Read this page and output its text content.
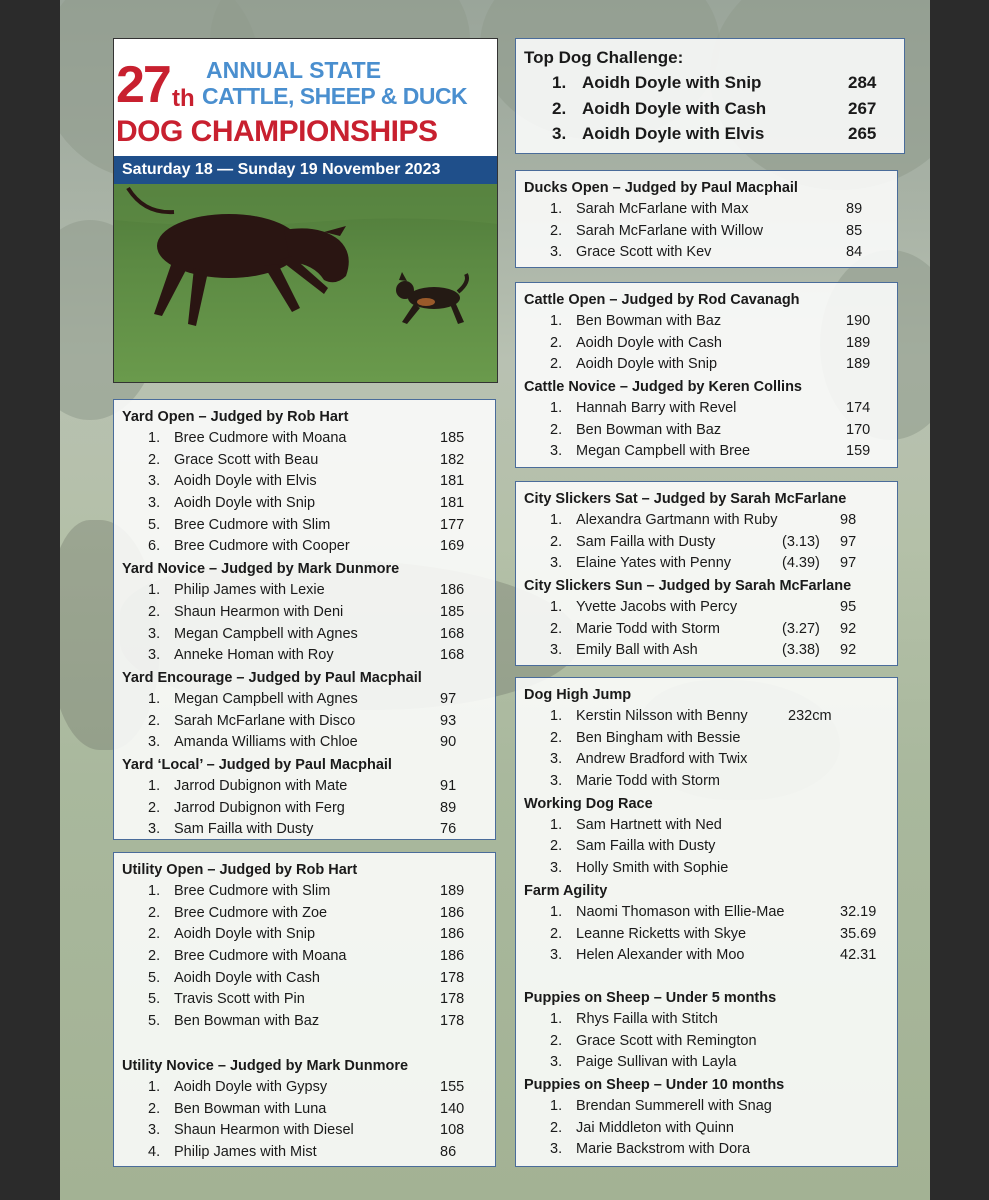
27 th
ANNUAL STATE
CATTLE, SHEEP & DUCK
DOG CHAMPIONSHIPS
Saturday 18 — Sunday 19 November 2023
Top Dog Challenge:
1. Aoidh Doyle with Snip	284
2. Aoidh Doyle with Cash	267
3. Aoidh Doyle with Elvis	265
Ducks Open – Judged by Paul Macphail
1. Sarah McFarlane with Max	89
2. Sarah McFarlane with Willow	85
3. Grace Scott with Kev	84
Cattle Open – Judged by Rod Cavanagh
1. Ben Bowman with Baz	190
2. Aoidh Doyle with Cash	189
2. Aoidh Doyle with Snip	189
Cattle Novice – Judged by Keren Collins
1. Hannah Barry with Revel	174
2. Ben Bowman with Baz	170
3. Megan Campbell with Bree	159
City Slickers Sat – Judged by Sarah McFarlane
1. Alexandra Gartmann with Ruby	98
2. Sam Failla with Dusty	(3.13) 97
3. Elaine Yates with Penny	(4.39) 97
City Slickers Sun – Judged by Sarah McFarlane
1. Yvette Jacobs with Percy	95
2. Marie Todd with Storm	(3.27) 92
3. Emily Ball with Ash	(3.38) 92
Dog High Jump
1. Kerstin Nilsson with Benny	232cm
2. Ben Bingham with Bessie
3. Andrew Bradford with Twix
3. Marie Todd with Storm
Working Dog Race
1. Sam Hartnett with Ned
2. Sam Failla with Dusty
3. Holly Smith with Sophie
Farm Agility
1. Naomi Thomason with Ellie-Mae	32.19
2. Leanne Ricketts with Skye	35.69
3. Helen Alexander with Moo	42.31
Puppies on Sheep – Under 5 months
1. Rhys Failla with Stitch
2. Grace Scott with Remington
3. Paige Sullivan with Layla
Puppies on Sheep – Under 10 months
1. Brendan Summerell with Snag
2. Jai Middleton with Quinn
3. Marie Backstrom with Dora
Yard Open – Judged by Rob Hart
1. Bree Cudmore with Moana	185
2. Grace Scott with Beau	182
3. Aoidh Doyle with Elvis	181
3. Aoidh Doyle with Snip	181
5. Bree Cudmore with Slim	177
6. Bree Cudmore with Cooper	169
Yard Novice – Judged by Mark Dunmore
1. Philip James with Lexie	186
2. Shaun Hearmon with Deni	185
3. Megan Campbell with Agnes	168
3. Anneke Homan with Roy	168
Yard Encourage – Judged by Paul Macphail
1. Megan Campbell with Agnes	97
2. Sarah McFarlane with Disco	93
3. Amanda Williams with Chloe	90
Yard ‘Local’ – Judged by Paul Macphail
1. Jarrod Dubignon with Mate	91
2. Jarrod Dubignon with Ferg	89
3. Sam Failla with Dusty	76
Utility Open – Judged by Rob Hart
1. Bree Cudmore with Slim	189
2. Bree Cudmore with Zoe	186
2. Aoidh Doyle with Snip	186
2. Bree Cudmore with Moana	186
5. Aoidh Doyle with Cash	178
5. Travis Scott with Pin	178
5. Ben Bowman with Baz	178
Utility Novice – Judged by Mark Dunmore
1. Aoidh Doyle with Gypsy	155
2. Ben Bowman with Luna	140
3. Shaun Hearmon with Diesel	108
4. Philip James with Mist	86
